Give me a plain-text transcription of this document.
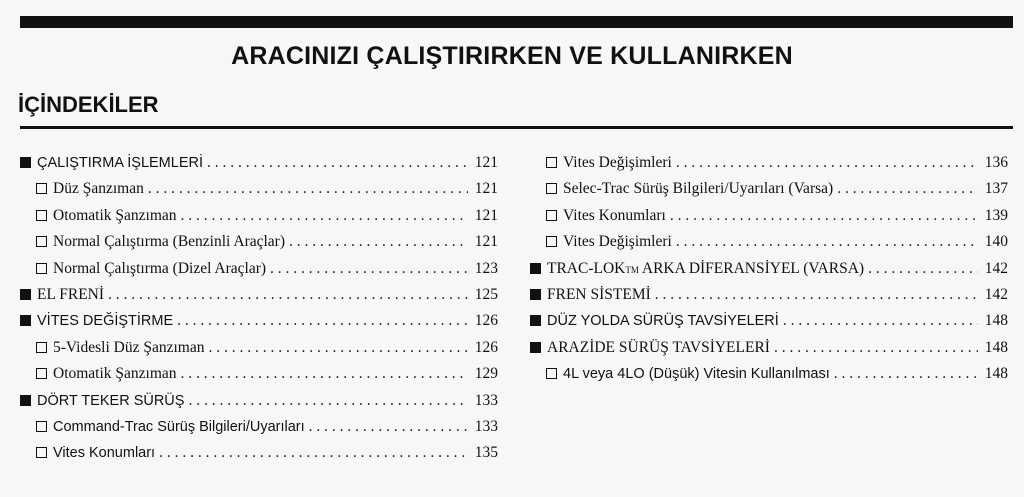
ARACINIZI ÇALIŞTIRIRKEN VE KULLANIRKEN
İÇİNDEKİLER
ÇALIŞTIRMA İŞLEMLERİ . . .	121
Düz Şanzıman . . .	121
Otomatik Şanzıman . . .	121
Normal Çalıştırma (Benzinli Araçlar) . . .	121
Normal Çalıştırma (Dizel Araçlar) . . .	123
EL FRENİ . . .	125
VİTES DEĞİŞTİRME . . .	126
5-Videsli Düz Şanzıman . . .	126
Otomatik Şanzıman . . .	129
DÖRT TEKER SÜRÜŞ . . .	133
Command-Trac Sürüş Bilgileri/Uyarıları . . .	133
Vites Konumları . . .	135
Vites Değişimleri . . .	136
Selec-Trac Sürüş Bilgileri/Uyarıları (Varsa) . . .	137
Vites Konumları . . .	139
Vites Değişimleri . . .	140
TRAC-LOKTM ARKA DİFERANSİYEL (VARSA) . . .	142
FREN SİSTEMİ . . .	142
DÜZ YOLDA SÜRÜŞ TAVSİYELERİ . . .	148
ARAZİDE SÜRÜŞ TAVSİYELERİ . . .	148
4L veya 4LO (Düşük) Vitesin Kullanılması . . .	148
